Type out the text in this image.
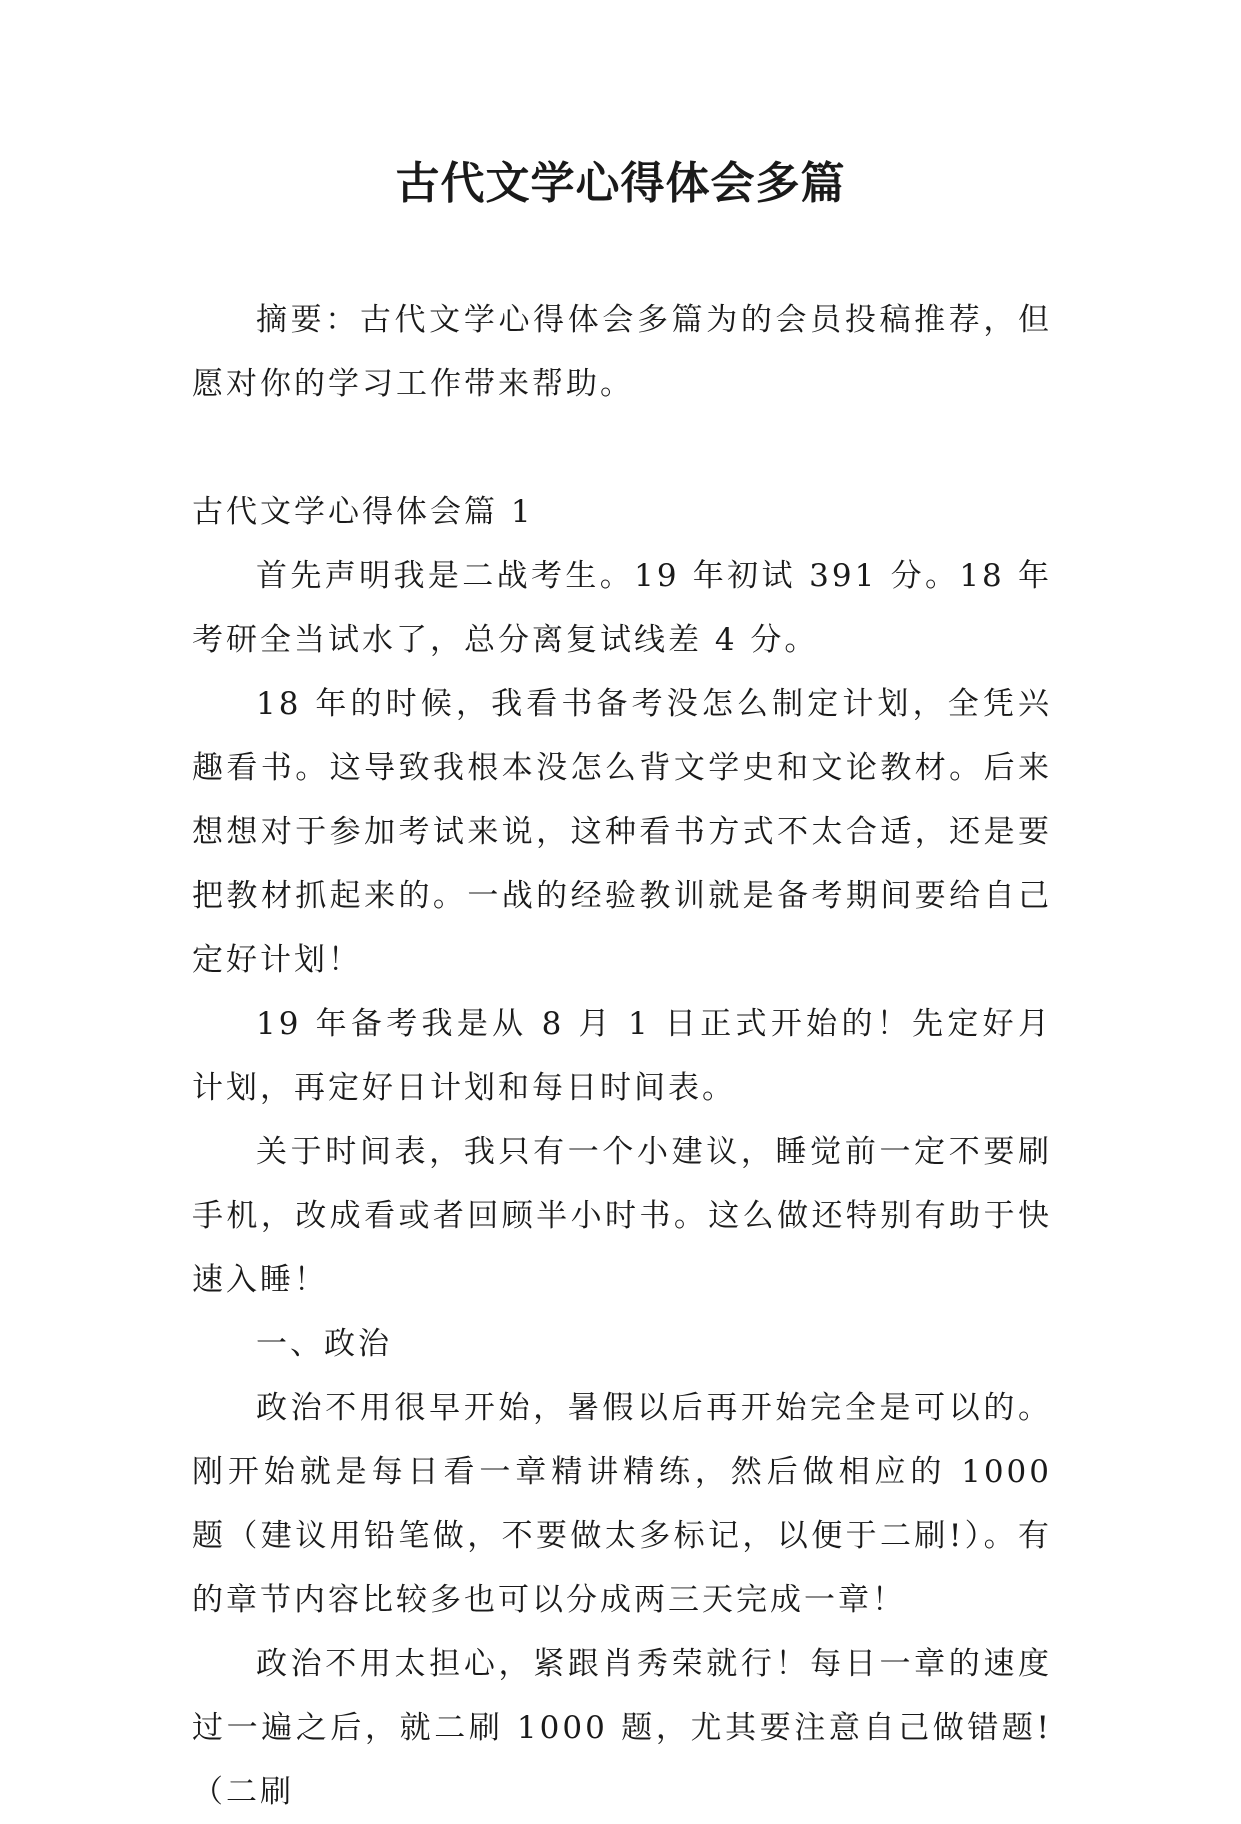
古代文学心得体会多篇

摘要：古代文学心得体会多篇为的会员投稿推荐，但愿对你的学习工作带来帮助。

古代文学心得体会篇 1

首先声明我是二战考生。19 年初试 391 分。18 年考研全当试水了，总分离复试线差 4 分。

18 年的时候，我看书备考没怎么制定计划，全凭兴趣看书。这导致我根本没怎么背文学史和文论教材。后来想想对于参加考试来说，这种看书方式不太合适，还是要把教材抓起来的。一战的经验教训就是备考期间要给自己定好计划！

19 年备考我是从 8 月 1 日正式开始的！先定好月计划，再定好日计划和每日时间表。

关于时间表，我只有一个小建议，睡觉前一定不要刷手机，改成看或者回顾半小时书。这么做还特别有助于快速入睡！

一、政治

政治不用很早开始，暑假以后再开始完全是可以的。刚开始就是每日看一章精讲精练，然后做相应的 1000 题（建议用铅笔做，不要做太多标记，以便于二刷!）。有的章节内容比较多也可以分成两三天完成一章！

政治不用太担心，紧跟肖秀荣就行！每日一章的速度过一遍之后，就二刷 1000 题，尤其要注意自己做错题!（二刷
